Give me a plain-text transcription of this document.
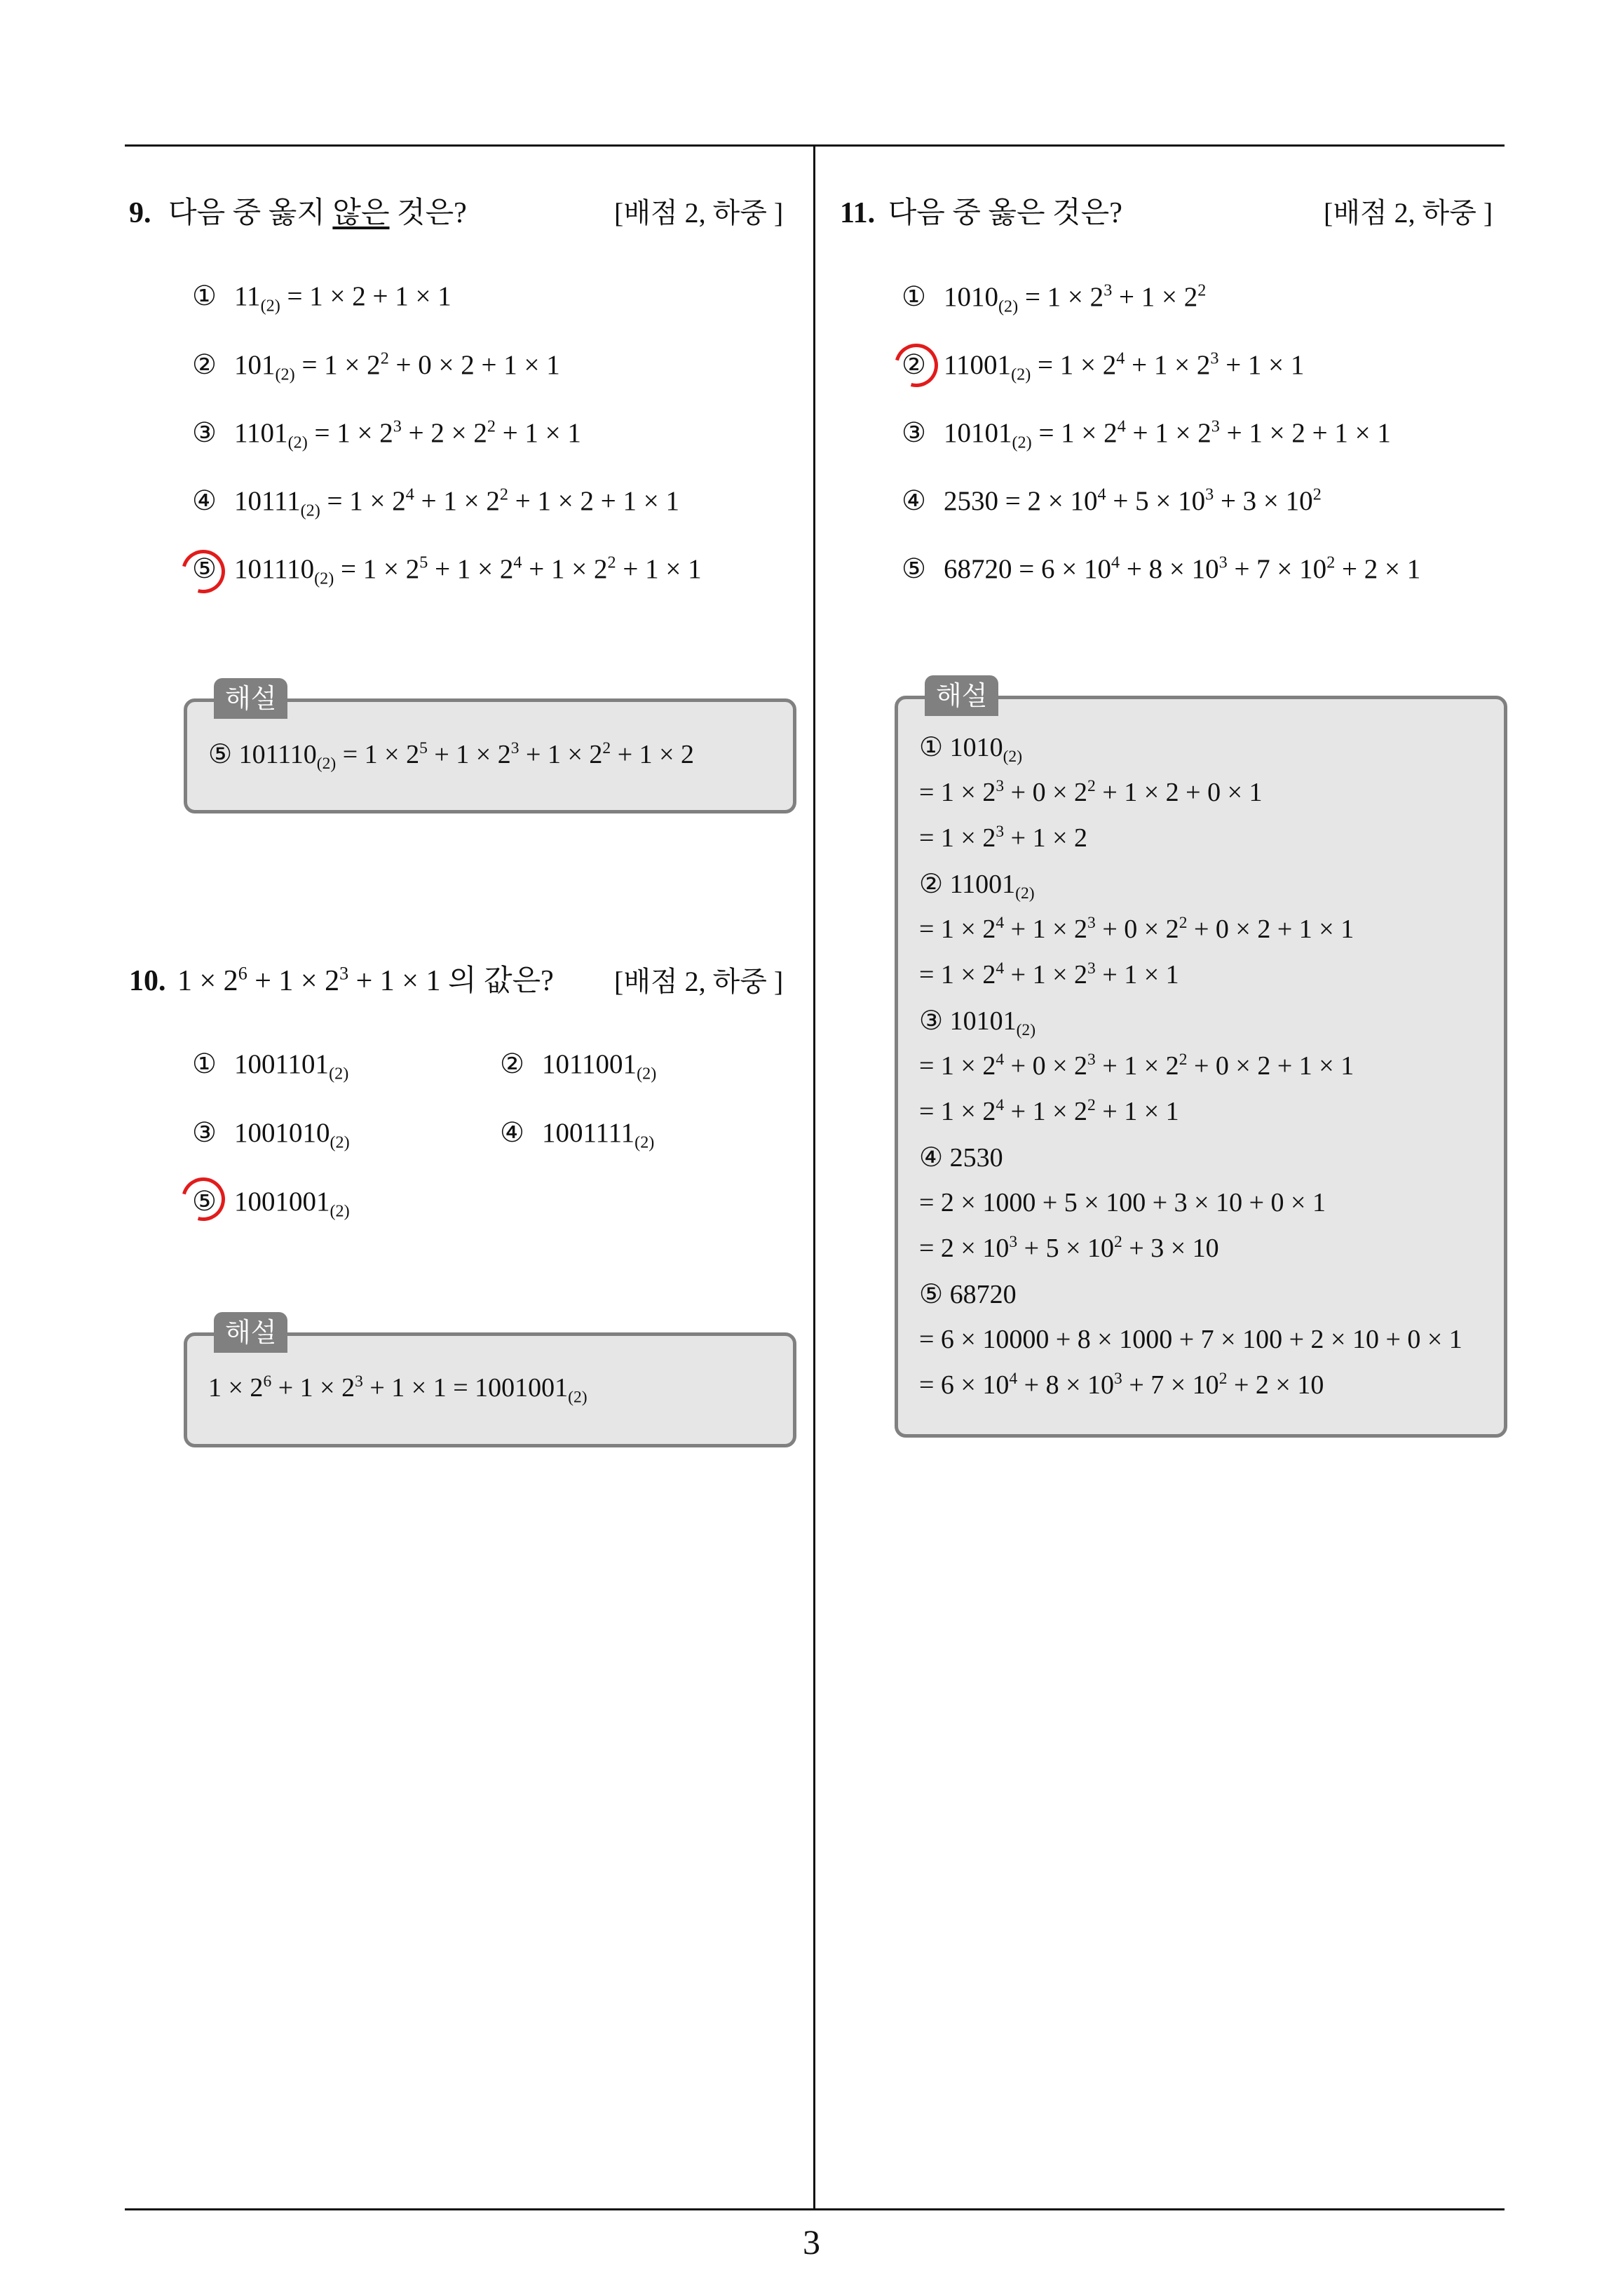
3
9. 다음 중 옳지 않은 것은?	[배점 2, 하중 ]
① $11_{(2)} = 1 \times 2 + 1 \times 1$
② $101_{(2)} = 1 \times 2^2 + 0 \times 2 + 1 \times 1$
③ $1101_{(2)} = 1 \times 2^3 + 2 \times 2^2 + 1 \times 1$
④ $10111_{(2)} = 1 \times 2^4 + 1 \times 2^2 + 1 \times 2 + 1 \times 1$
⑤ $101110_{(2)} = 1 \times 2^5 + 1 \times 2^4 + 1 \times 2^2 + 1 \times 1$
해설
⑤ $101110_{(2)} = 1 \times 2^5 + 1 \times 2^3 + 1 \times 2^2 + 1 \times 2$
10. $1 \times 2^6 + 1 \times 2^3 + 1 \times 1$ 의 값은? [배점 2, 하중 ]
① $1001101_{(2)}$	② $1011001_{(2)}$
③ $1001010_{(2)}$	④ $1001111_{(2)}$
⑤ $1001001_{(2)}$
해설
$1 \times 2^6 + 1 \times 2^3 + 1 \times 1 = 1001001_{(2)}$
11. 다음 중 옳은 것은?	[배점 2, 하중 ]
① $1010_{(2)} = 1 \times 2^3 + 1 \times 2^2$
② $11001_{(2)} = 1 \times 2^4 + 1 \times 2^3 + 1 \times 1$
③ $10101_{(2)} = 1 \times 2^4 + 1 \times 2^3 + 1 \times 2 + 1 \times 1$
④ $2530 = 2 \times 10^4 + 5 \times 10^3 + 3 \times 10^2$
⑤ $68720 = 6 \times 10^4 + 8 \times 10^3 + 7 \times 10^2 + 2 \times 1$
해설
① $1010_{(2)}$
= $1 \times 2^3 + 0 \times 2^2 + 1 \times 2 + 0 \times 1$
= $1 \times 2^3 + 1 \times 2$
② $11001_{(2)}$
= $1 \times 2^4 + 1 \times 2^3 + 0 \times 2^2 + 0 \times 2 + 1 \times 1$
= $1 \times 2^4 + 1 \times 2^3 + 1 \times 1$
③ $10101_{(2)}$
= $1 \times 2^4 + 0 \times 2^3 + 1 \times 2^2 + 0 \times 2 + 1 \times 1$
= $1 \times 2^4 + 1 \times 2^2 + 1 \times 1$
④ 2530
= 2 × 1000 + 5 × 100 + 3 × 10 + 0 × 1
= $2 \times 10^3 + 5 \times 10^2 + 3 \times 10$
⑤ 68720
= 6 × 10000 + 8 × 1000 + 7 × 100 + 2 × 10 + 0 × 1
= $6 \times 10^4 + 8 \times 10^3 + 7 \times 10^2 + 2 \times 10$
